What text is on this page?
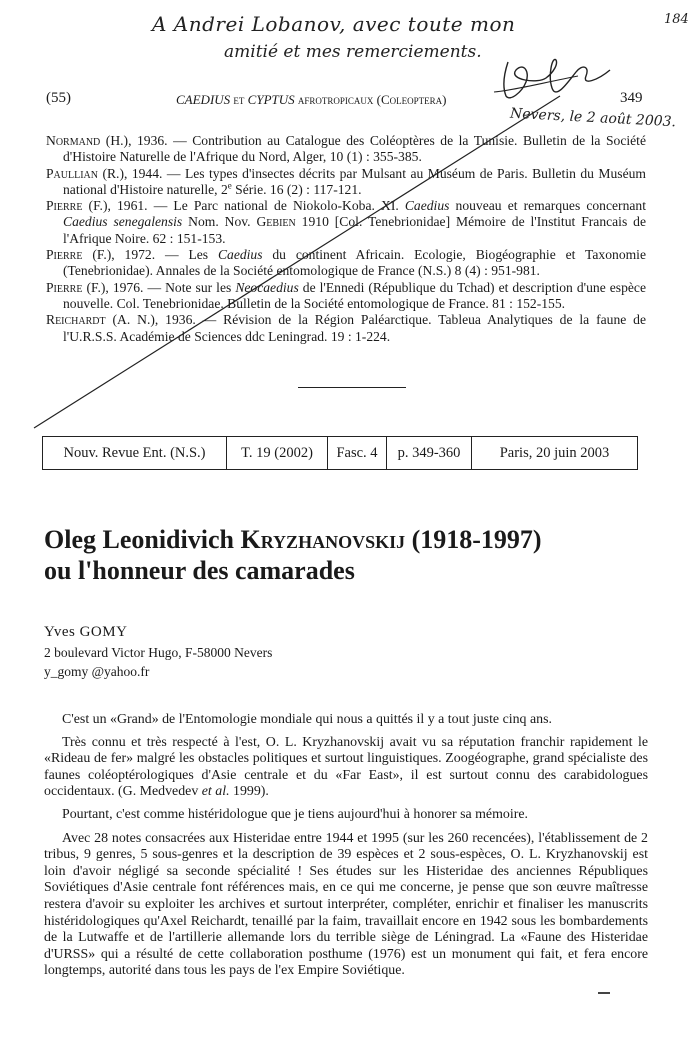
A Andrei Lobanov, avec toute mon
amitié et mes remerciements.
184
Nevers, le 2 août 2003.
(55)	CAEDIUS et CYPTUS afrotropicaux (Coleoptera)	349

Normand (H.), 1936. — Contribution au Catalogue des Coléoptères de la Tunisie. Bulletin de la Société d'Histoire Naturelle de l'Afrique du Nord, Alger, 10 (1) : 355-385.

Paullian (R.), 1944. — Les types d'insectes décrits par Mulsant au Muséum de Paris. Bulletin du Muséum national d'Histoire naturelle, 2e Série. 16 (2) : 117-121.

Pierre (F.), 1961. — Le Parc national de Niokolo-Koba. XI. Caedius nouveau et remarques concernant Caedius senegalensis Nom. Nov. Gebien 1910 [Col. Tenebrionidae] Mémoire de l'Institut Francais de l'Afrique Noire. 62 : 151-153.

Pierre (F.), 1972. — Les Caedius du continent Africain. Ecologie, Biogéographie et Taxonomie (Tenebrionidae). Annales de la Société entomologique de France (N.S.) 8 (4) : 951-981.

Pierre (F.), 1976. — Note sur les Neocaedius de l'Ennedi (République du Tchad) et description d'une espèce nouvelle. Col. Tenebrionidae. Bulletin de la Société entomologique de France. 81 : 152-155.

Reichardt (A. N.), 1936. — Révision de la Région Paléarctique. Tableua Analytiques de la faune de l'U.R.S.S. Académie de Sciences ddc Leningrad. 19 : 1-224.

Nouv. Revue Ent. (N.S.)	T. 19 (2002)	Fasc. 4	p. 349-360	Paris, 20 juin 2003
Oleg Leonidivich Kryzhanovskij (1918-1997)
ou l'honneur des camarades
Yves GOMY
2 boulevard Victor Hugo, F-58000 Nevers
y_gomy @yahoo.fr

C'est un «Grand» de l'Entomologie mondiale qui nous a quittés il y a tout juste cinq ans.

Très connu et très respecté à l'est, O. L. Kryzhanovskij avait vu sa réputation franchir rapidement le «Rideau de fer» malgré les obstacles politiques et surtout linguistiques. Zoogéographe, grand spécialiste des faunes coléoptérologiques d'Asie centrale et du «Far East», il est surtout connu des carabidologues occidentaux. (G. Medvedev et al. 1999).

Pourtant, c'est comme histéridologue que je tiens aujourd'hui à honorer sa mémoire.

Avec 28 notes consacrées aux Histeridae entre 1944 et 1995 (sur les 260 recencées), l'établissement de 2 tribus, 9 genres, 5 sous-genres et la description de 39 espèces et 2 sous-espèces, O. L. Kryzhanovskij est loin d'avoir négligé sa seconde spécialité ! Ses études sur les Histeridae des anciennes Républiques Soviétiques d'Asie centrale font références mais, en ce qui me concerne, je pense que son œuvre maîtresse restera d'avoir su exploiter les archives et surtout interpréter, compléter, enrichir et finaliser les manuscrits histéridologiques qu'Axel Reichardt, tenaillé par la faim, travaillait encore en 1942 sous les bombardements de la Lutwaffe et de l'artillerie allemande lors du terrible siège de Léningrad. La «Faune des Histeridae d'URSS» qui a résulté de cette collaboration posthume (1976) est un monument qui fait, et fera encore longtemps, autorité dans tous les pays de l'ex Empire Soviétique.
